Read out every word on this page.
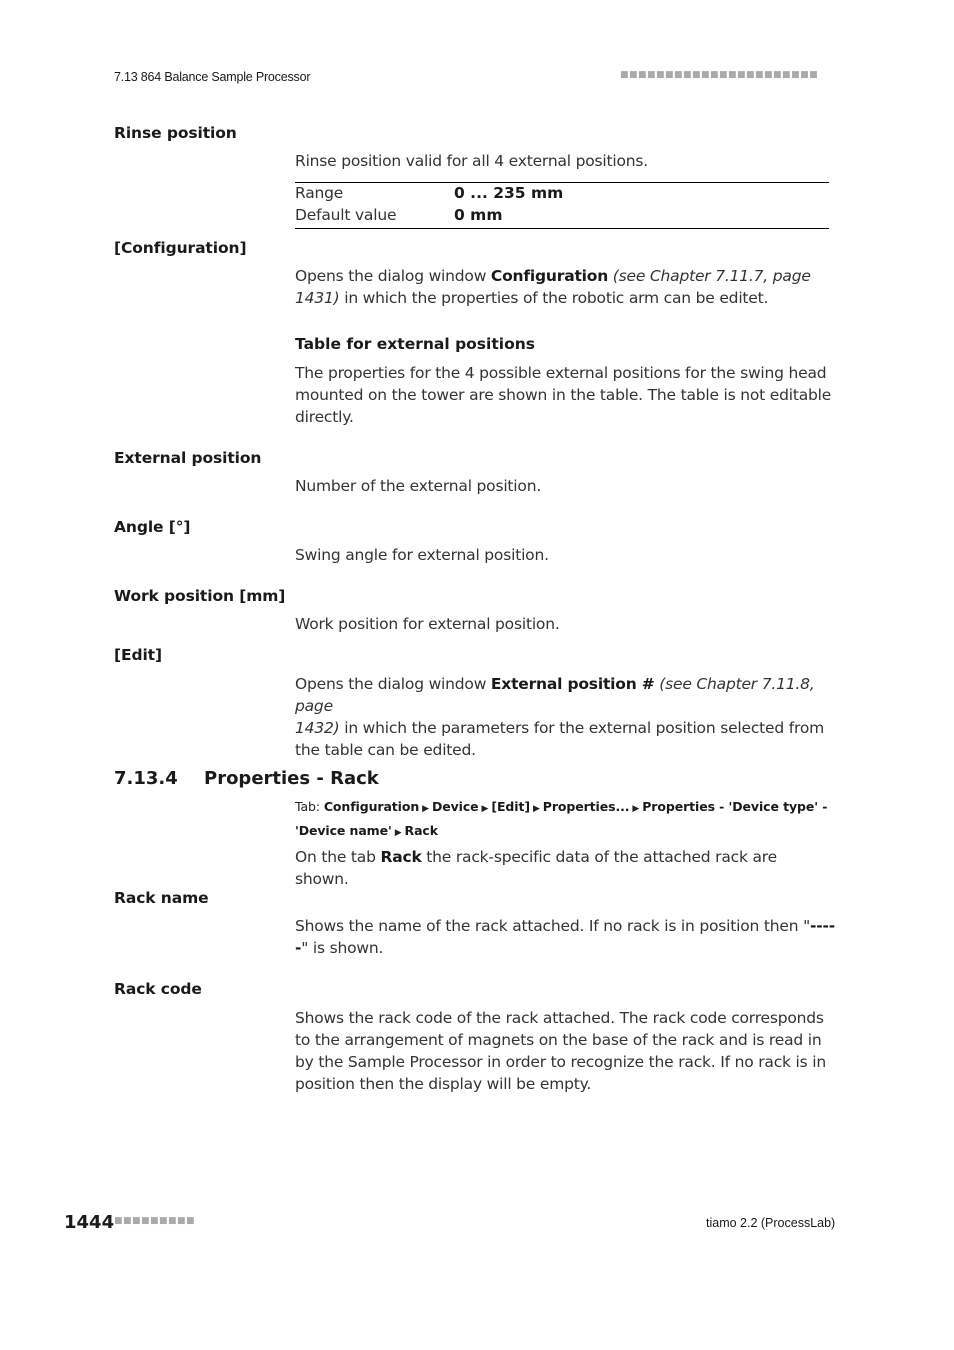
7.13 864 Balance Sample Processor	■■■■■■■■■■■■■■■■■■■■■■
Rinse position
Rinse position valid for all 4 external positions.
Range	0 ... 235 mm
Default value	0 mm
[Configuration]
Opens the dialog window Configuration (see Chapter 7.11.7, page
1431) in which the properties of the robotic arm can be editet.
Table for external positions
The properties for the 4 possible external positions for the swing head mounted on the tower are shown in the table. The table is not editable directly.
External position
Number of the external position.
Angle [°]
Swing angle for external position.
Work position [mm]
Work position for external position.
[Edit]
Opens the dialog window External position # (see Chapter 7.11.8, page
1432) in which the parameters for the external position selected from the table can be edited.
7.13.4 Properties - Rack
Tab: Configuration ▶ Device ▶ [Edit] ▶ Properties... ▶ Properties - 'Device type' -
'Device name' ▶ Rack
On the tab Rack the rack-specific data of the attached rack are shown.
Rack name
Shows the name of the rack attached. If no rack is in position then "-----" is shown.
Rack code
Shows the rack code of the rack attached. The rack code corresponds to the arrangement of magnets on the base of the rack and is read in by the Sample Processor in order to recognize the rack. If no rack is in position then the display will be empty.
1444 ■■■■■■■■■	tiamo 2.2 (ProcessLab)
